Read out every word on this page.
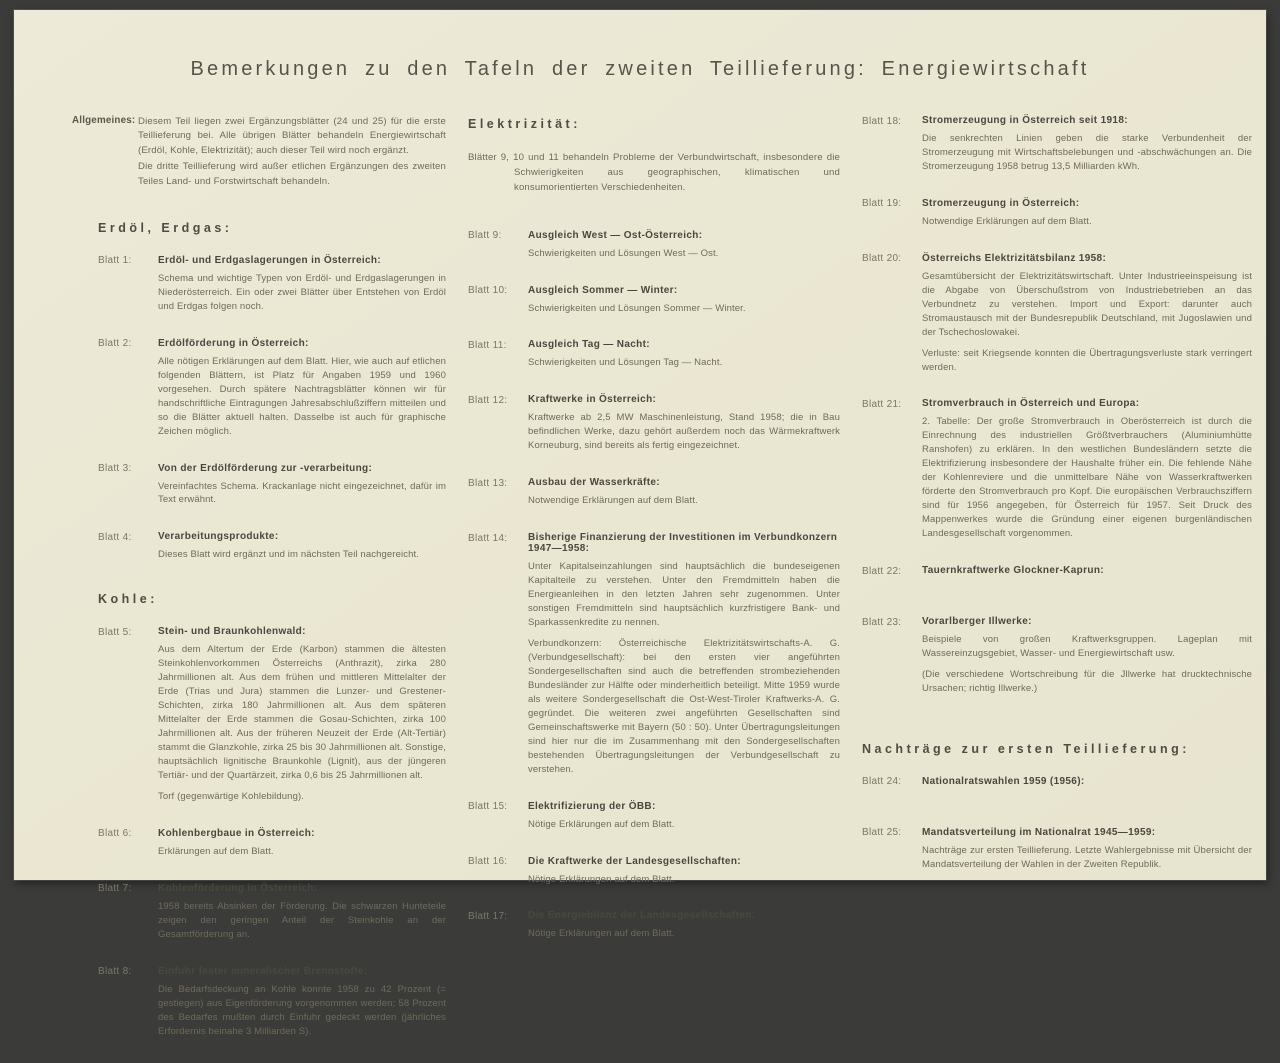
Bemerkungen zu den Tafeln der zweiten Teillieferung: Energiewirtschaft
Allgemeines: Diesem Teil liegen zwei Ergänzungsblätter (24 und 25) für die erste Teillieferung bei. Alle übrigen Blätter behandeln Energiewirtschaft (Erdöl, Kohle, Elektrizität); auch dieser Teil wird noch ergänzt.

Die dritte Teillieferung wird außer etlichen Ergänzungen des zweiten Teiles Land- und Forstwirtschaft behandeln.

Erdöl, Erdgas:
Blatt 1:	Erdöl- und Erdgaslagerungen in Österreich:

Schema und wichtige Typen von Erdöl- und Erdgaslagerungen in Niederösterreich. Ein oder zwei Blätter über Entstehen von Erdöl und Erdgas folgen noch.

Blatt 2:	Erdölförderung in Österreich:

Alle nötigen Erklärungen auf dem Blatt. Hier, wie auch auf etlichen folgenden Blättern, ist Platz für Angaben 1959 und 1960 vorgesehen. Durch spätere Nachtragsblätter können wir für handschriftliche Eintragungen Jahresabschlußziffern mitteilen und so die Blätter aktuell halten. Dasselbe ist auch für graphische Zeichen möglich.

Blatt 3:	Von der Erdölförderung zur -verarbeitung:

Vereinfachtes Schema. Krackanlage nicht eingezeichnet, dafür im Text erwähnt.

Blatt 4:	Verarbeitungsprodukte:

Dieses Blatt wird ergänzt und im nächsten Teil nachgereicht.

Kohle:
Blatt 5:	Stein- und Braunkohlenwald:

Aus dem Altertum der Erde (Karbon) stammen die ältesten Steinkohlenvorkommen Österreichs (Anthrazit), zirka 280 Jahrmillionen alt. Aus dem frühen und mittleren Mittelalter der Erde (Trias und Jura) stammen die Lunzer- und Grestener-Schichten, zirka 180 Jahrmillionen alt. Aus dem späteren Mittelalter der Erde stammen die Gosau-Schichten, zirka 100 Jahrmillionen alt. Aus der früheren Neuzeit der Erde (Alt-Tertiär) stammt die Glanzkohle, zirka 25 bis 30 Jahrmillionen alt. Sonstige, hauptsächlich lignitische Braunkohle (Lignit), aus der jüngeren Tertiär- und der Quartärzeit, zirka 0,6 bis 25 Jahrmillionen alt.

Torf (gegenwärtige Kohlebildung).

Blatt 6:	Kohlenbergbaue in Österreich:

Erklärungen auf dem Blatt.

Blatt 7:	Kohlenförderung in Österreich:

1958 bereits Absinken der Förderung. Die schwarzen Hunteteile zeigen den geringen Anteil der Steinkohle an der Gesamtförderung an.

Blatt 8:	Einfuhr fester mineralischer Brennstoffe:

Die Bedarfsdeckung an Kohle konnte 1958 zu 42 Prozent (= gestiegen) aus Eigenförderung vorgenommen werden; 58 Prozent des Bedarfes mußten durch Einfuhr gedeckt werden (jährliches Erfordernis beinahe 3 Milliarden S).

Elektrizität:

Blätter 9, 10 und 11 behandeln Probleme der Verbundwirtschaft, insbesondere die Schwierigkeiten aus geographischen, klimatischen und konsumorientierten Verschiedenheiten.

Blatt 9:	Ausgleich West — Ost-Österreich:

Schwierigkeiten und Lösungen West — Ost.

Blatt 10:	Ausgleich Sommer — Winter:

Schwierigkeiten und Lösungen Sommer — Winter.

Blatt 11:	Ausgleich Tag — Nacht:

Schwierigkeiten und Lösungen Tag — Nacht.

Blatt 12:	Kraftwerke in Österreich:

Kraftwerke ab 2,5 MW Maschinenleistung, Stand 1958; die in Bau befindlichen Werke, dazu gehört außerdem noch das Wärmekraftwerk Korneuburg, sind bereits als fertig eingezeichnet.

Blatt 13:	Ausbau der Wasserkräfte:

Notwendige Erklärungen auf dem Blatt.

Blatt 14:	Bisherige Finanzierung der Investitionen im Verbundkonzern 1947—1958:

Unter Kapitalseinzahlungen sind hauptsächlich die bundeseigenen Kapitalteile zu verstehen. Unter den Fremdmitteln haben die Energieanleihen in den letzten Jahren sehr zugenommen. Unter sonstigen Fremdmitteln sind hauptsächlich kurzfristigere Bank- und Sparkassenkredite zu nennen.

Verbundkonzern: Österreichische Elektrizitätswirtschafts-A. G. (Verbundgesellschaft): bei den ersten vier angeführten Sondergesellschaften sind auch die betreffenden strombeziehenden Bundesländer zur Hälfte oder minderheitlich beteiligt. Mitte 1959 wurde als weitere Sondergesellschaft die Ost-West-Tiroler Kraftwerks-A. G. gegründet. Die weiteren zwei angeführten Gesellschaften sind Gemeinschaftswerke mit Bayern (50 : 50). Unter Übertragungsleitungen sind hier nur die im Zusammenhang mit den Sondergesellschaften bestehenden Übertragungsleitungen der Verbundgesellschaft zu verstehen.

Blatt 15:	Elektrifizierung der ÖBB:

Nötige Erklärungen auf dem Blatt.

Blatt 16:	Die Kraftwerke der Landesgesellschaften:

Nötige Erklärungen auf dem Blatt.

Blatt 17:	Die Energiebilanz der Landesgesellschaften:

Nötige Erklärungen auf dem Blatt.

Blatt 18:	Stromerzeugung in Österreich seit 1918:

Die senkrechten Linien geben die starke Verbundenheit der Stromerzeugung mit Wirtschaftsbelebungen und -abschwächungen an. Die Stromerzeugung 1958 betrug 13,5 Milliarden kWh.

Blatt 19:	Stromerzeugung in Österreich:

Notwendige Erklärungen auf dem Blatt.

Blatt 20:	Österreichs Elektrizitätsbilanz 1958:

Gesamtübersicht der Elektrizitätswirtschaft. Unter Industrieeinspeisung ist die Abgabe von Überschußstrom von Industriebetrieben an das Verbundnetz zu verstehen. Import und Export: darunter auch Stromaustausch mit der Bundesrepublik Deutschland, mit Jugoslawien und der Tschechoslowakei.

Verluste: seit Kriegsende konnten die Übertragungsverluste stark verringert werden.

Blatt 21:	Stromverbrauch in Österreich und Europa:

2. Tabelle: Der große Stromverbrauch in Oberösterreich ist durch die Einrechnung des industriellen Größtverbrauchers (Aluminiumhütte Ranshofen) zu erklären. In den westlichen Bundesländern setzte die Elektrifizierung insbesondere der Haushalte früher ein. Die fehlende Nähe der Kohlenreviere und die unmittelbare Nähe von Wasserkraftwerken förderte den Stromverbrauch pro Kopf. Die europäischen Verbrauchsziffern sind für 1956 angegeben, für Österreich für 1957. Seit Druck des Mappenwerkes wurde die Gründung einer eigenen burgenländischen Landesgesellschaft vorgenommen.

Blatt 22:	Tauernkraftwerke Glockner-Kaprun:
Blatt 23:	Vorarlberger Illwerke:

Beispiele von großen Kraftwerksgruppen. Lageplan mit Wassereinzugsgebiet, Wasser- und Energiewirtschaft usw.

(Die verschiedene Wortschreibung für die Jllwerke hat drucktechnische Ursachen; richtig Illwerke.)

Nachträge zur ersten Teillieferung:
Blatt 24:	Nationalratswahlen 1959 (1956):
Blatt 25:	Mandatsverteilung im Nationalrat 1945—1959:

Nachträge zur ersten Teillieferung. Letzte Wahlergebnisse mit Übersicht der Mandatsverteilung der Wahlen in der Zweiten Republik.
